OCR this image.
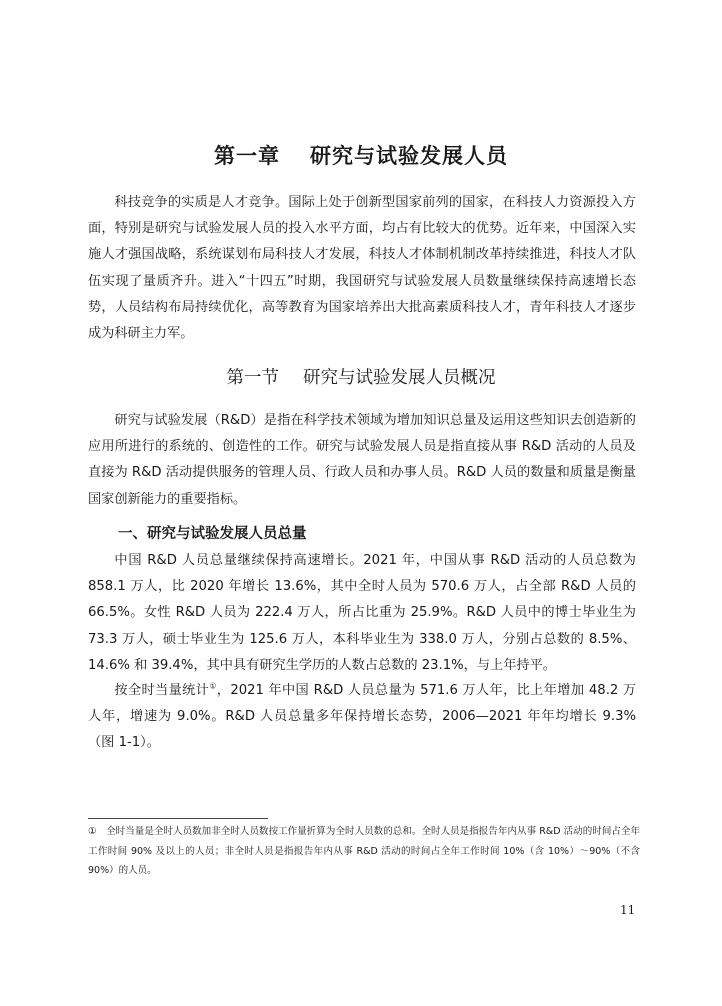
第一章 研究与试验发展人员

科技竞争的实质是人才竞争。国际上处于创新型国家前列的国家，在科技人力资源投入方面，特别是研究与试验发展人员的投入水平方面，均占有比较大的优势。近年来，中国深入实施人才强国战略，系统谋划布局科技人才发展，科技人才体制机制改革持续推进，科技人才队伍实现了量质齐升。进入“十四五”时期，我国研究与试验发展人员数量继续保持高速增长态势，人员结构布局持续优化，高等教育为国家培养出大批高素质科技人才，青年科技人才逐步成为科研主力军。

第一节 研究与试验发展人员概况

研究与试验发展（R&D）是指在科学技术领域为增加知识总量及运用这些知识去创造新的应用所进行的系统的、创造性的工作。研究与试验发展人员是指直接从事 R&D 活动的人员及直接为 R&D 活动提供服务的管理人员、行政人员和办事人员。R&D 人员的数量和质量是衡量国家创新能力的重要指标。

一、研究与试验发展人员总量

中国 R&D 人员总量继续保持高速增长。2021 年，中国从事 R&D 活动的人员总数为 858.1 万人，比 2020 年增长 13.6%，其中全时人员为 570.6 万人，占全部 R&D 人员的 66.5%。女性 R&D 人员为 222.4 万人，所占比重为 25.9%。R&D 人员中的博士毕业生为 73.3 万人，硕士毕业生为 125.6 万人，本科毕业生为 338.0 万人，分别占总数的 8.5%、14.6% 和 39.4%，其中具有研究生学历的人数占总数的 23.1%，与上年持平。

按全时当量统计①，2021 年中国 R&D 人员总量为 571.6 万人年，比上年增加 48.2 万人年，增速为 9.0%。R&D 人员总量多年保持增长态势，2006—2021 年年均增长 9.3%（图 1-1）。

①　全时当量是全时人员数加非全时人员数按工作量折算为全时人员数的总和。全时人员是指报告年内从事 R&D 活动的时间占全年工作时间 90% 及以上的人员；非全时人员是指报告年内从事 R&D 活动的时间占全年工作时间 10%（含 10%）～90%（不含 90%）的人员。

11
